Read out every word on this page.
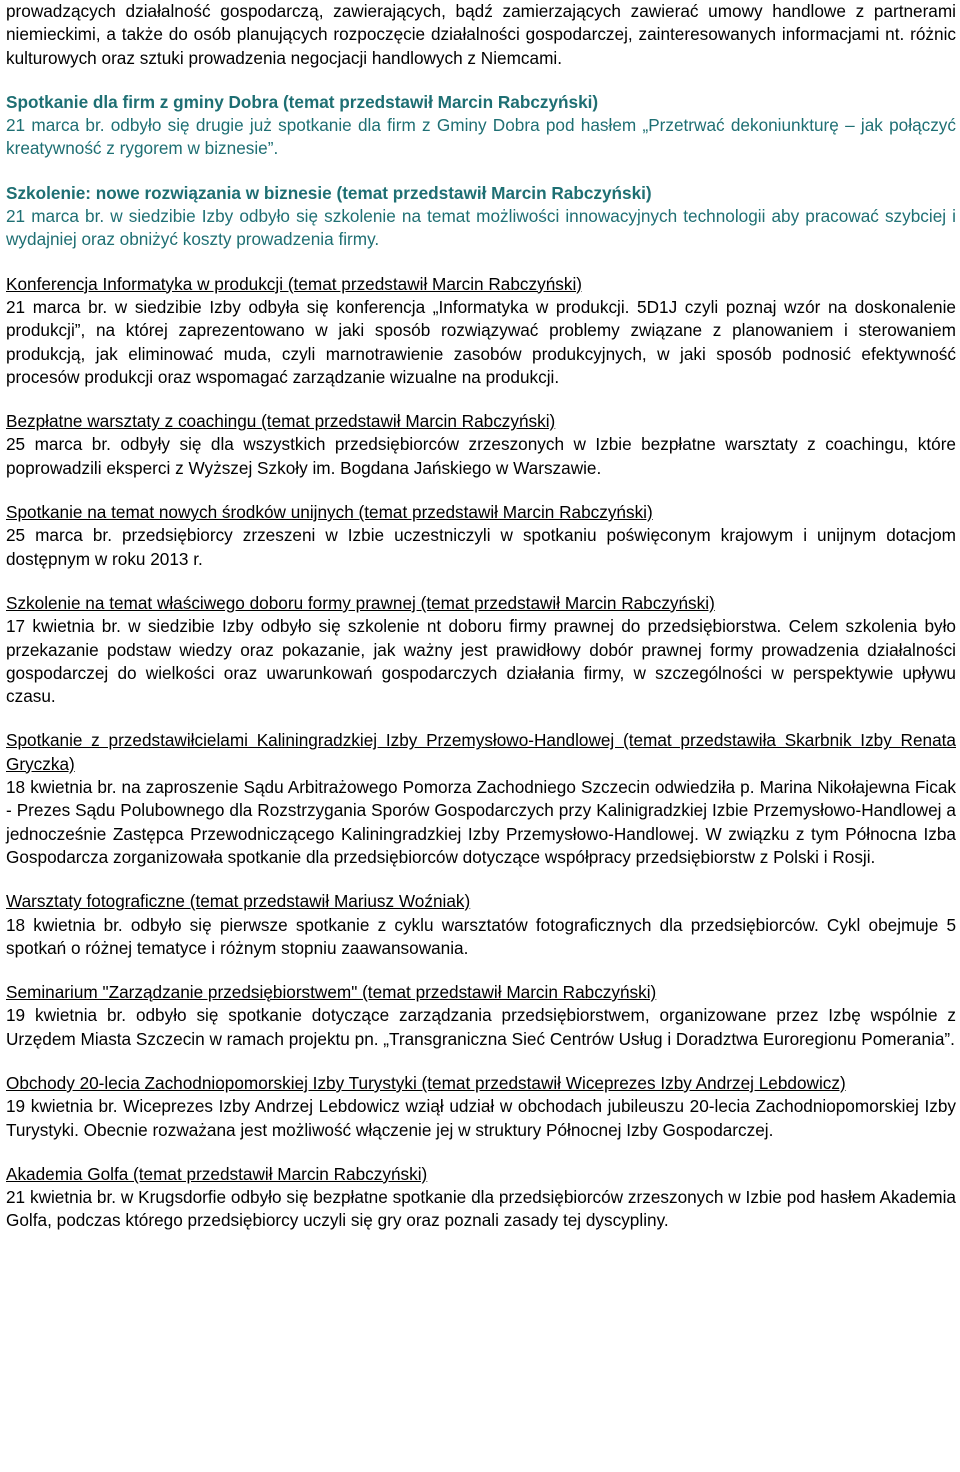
prowadzących działalność gospodarczą, zawierających, bądź zamierzających zawierać umowy handlowe z partnerami niemieckimi, a także do osób planujących rozpoczęcie działalności gospodarczej, zainteresowanych informacjami nt. różnic kulturowych oraz sztuki prowadzenia negocjacji handlowych z Niemcami.

Spotkanie dla firm z gminy Dobra (temat przedstawił Marcin Rabczyński)
21 marca br. odbyło się drugie już spotkanie dla firm z Gminy Dobra pod hasłem „Przetrwać dekoniunkturę – jak połączyć kreatywność z rygorem w biznesie”.
Szkolenie: nowe rozwiązania w biznesie (temat przedstawił Marcin Rabczyński)
21 marca br. w siedzibie Izby odbyło się szkolenie na temat możliwości innowacyjnych technologii aby pracować szybciej i wydajniej oraz obniżyć koszty prowadzenia firmy.
Konferencja Informatyka w produkcji (temat przedstawił Marcin Rabczyński)
21 marca br. w siedzibie Izby odbyła się konferencja „Informatyka w produkcji. 5D1J czyli poznaj wzór na doskonalenie produkcji”, na której zaprezentowano w jaki sposób rozwiązywać problemy związane z planowaniem i sterowaniem produkcją, jak eliminować muda, czyli marnotrawienie zasobów produkcyjnych, w jaki sposób podnosić efektywność procesów produkcji oraz wspomagać zarządzanie wizualne na produkcji.
Bezpłatne warsztaty z coachingu (temat przedstawił Marcin Rabczyński)
25 marca br. odbyły się dla wszystkich przedsiębiorców zrzeszonych w Izbie bezpłatne warsztaty z coachingu, które poprowadzili eksperci z Wyższej Szkoły im. Bogdana Jańskiego w Warszawie.
Spotkanie na temat nowych środków unijnych (temat przedstawił Marcin Rabczyński)
25 marca br. przedsiębiorcy zrzeszeni w Izbie uczestniczyli w spotkaniu poświęconym krajowym i unijnym dotacjom dostępnym w roku 2013 r.
Szkolenie na temat właściwego doboru formy prawnej (temat przedstawił Marcin Rabczyński)
17 kwietnia br. w siedzibie Izby odbyło się szkolenie nt doboru firmy prawnej do przedsiębiorstwa. Celem szkolenia było przekazanie podstaw wiedzy oraz pokazanie, jak ważny jest prawidłowy dobór prawnej formy prowadzenia działalności gospodarczej do wielkości oraz uwarunkowań gospodarczych działania firmy, w szczególności w perspektywie upływu czasu.
Spotkanie z przedstawiłcielami Kaliningradzkiej Izby Przemysłowo-Handlowej (temat przedstawiła Skarbnik Izby Renata Gryczka)
18 kwietnia br. na zaproszenie Sądu Arbitrażowego Pomorza Zachodniego Szczecin odwiedziła p. Marina Nikołajewna Ficak - Prezes Sądu Polubownego dla Rozstrzygania Sporów Gospodarczych przy Kalinigradzkiej Izbie Przemysłowo-Handlowej a jednocześnie Zastępca Przewodniczącego Kaliningradzkiej Izby Przemysłowo-Handlowej. W związku z tym Północna Izba Gospodarcza zorganizowała spotkanie dla przedsiębiorców dotyczące współpracy przedsiębiorstw z Polski i Rosji.
Warsztaty fotograficzne (temat przedstawił Mariusz Woźniak)
18 kwietnia br. odbyło się pierwsze spotkanie z cyklu warsztatów fotograficznych dla przedsiębiorców. Cykl obejmuje 5 spotkań o różnej tematyce i różnym stopniu zaawansowania.
Seminarium "Zarządzanie przedsiębiorstwem" (temat przedstawił Marcin Rabczyński)
19 kwietnia br. odbyło się spotkanie dotyczące zarządzania przedsiębiorstwem, organizowane przez Izbę wspólnie z Urzędem Miasta Szczecin w ramach projektu pn. „Transgraniczna Sieć Centrów Usług i Doradztwa Euroregionu Pomerania”.
Obchody 20-lecia Zachodniopomorskiej Izby Turystyki (temat przedstawił Wiceprezes Izby Andrzej Lebdowicz)
19 kwietnia br. Wiceprezes Izby Andrzej Lebdowicz wziął udział w obchodach jubileuszu 20-lecia Zachodniopomorskiej Izby Turystyki. Obecnie rozważana jest możliwość włączenie jej w struktury Północnej Izby Gospodarczej.
Akademia Golfa (temat przedstawił Marcin Rabczyński)
21 kwietnia br. w Krugsdorfie odbyło się bezpłatne spotkanie dla przedsiębiorców zrzeszonych w Izbie pod hasłem Akademia Golfa, podczas którego przedsiębiorcy uczyli się gry oraz poznali zasady tej dyscypliny.
